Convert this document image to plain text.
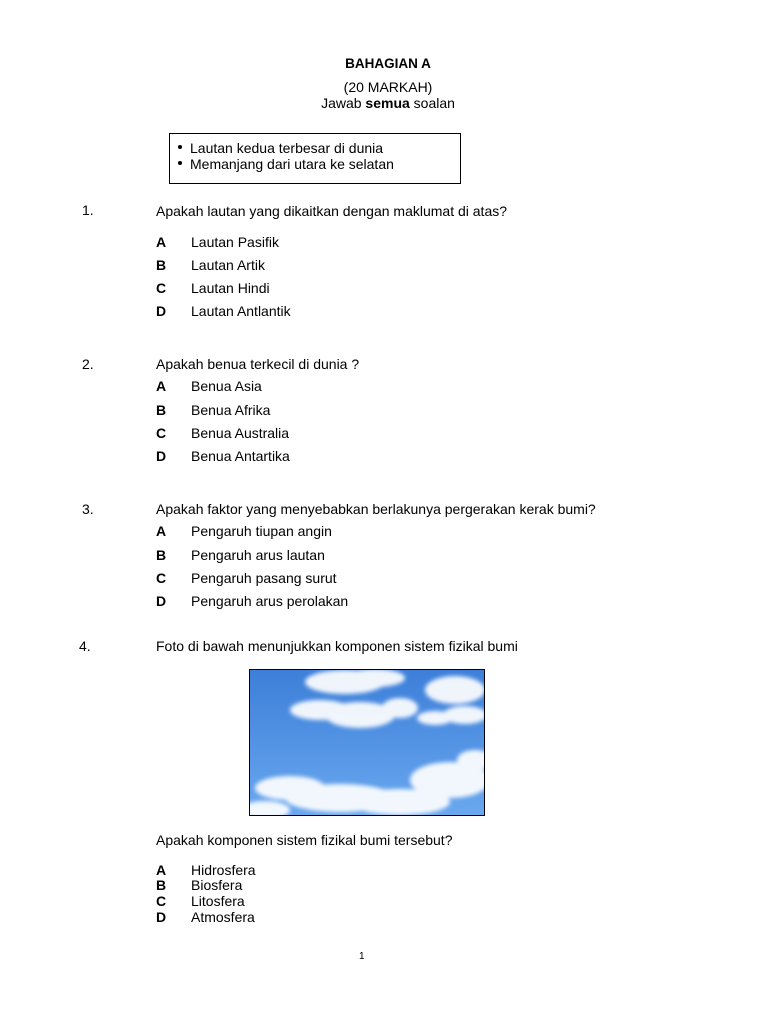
BAHAGIAN A
(20 MARKAH)
Jawab semua soalan
Lautan kedua terbesar di dunia
Memanjang dari utara ke selatan
1.	Apakah lautan yang dikaitkan dengan maklumat di atas?
A Lautan Pasifik
B Lautan Artik
C Lautan Hindi
D Lautan Antlantik
2.	Apakah benua terkecil di dunia ?
A Benua Asia
B Benua Afrika
C Benua Australia
D Benua Antartika
3.	Apakah faktor yang menyebabkan berlakunya pergerakan kerak bumi?
A Pengaruh tiupan angin
B Pengaruh arus lautan
C Pengaruh pasang surut
D Pengaruh arus perolakan
4.	Foto di bawah menunjukkan komponen sistem fizikal bumi
Apakah komponen sistem fizikal bumi tersebut?
A Hidrosfera
B Biosfera
C Litosfera
D Atmosfera
1
